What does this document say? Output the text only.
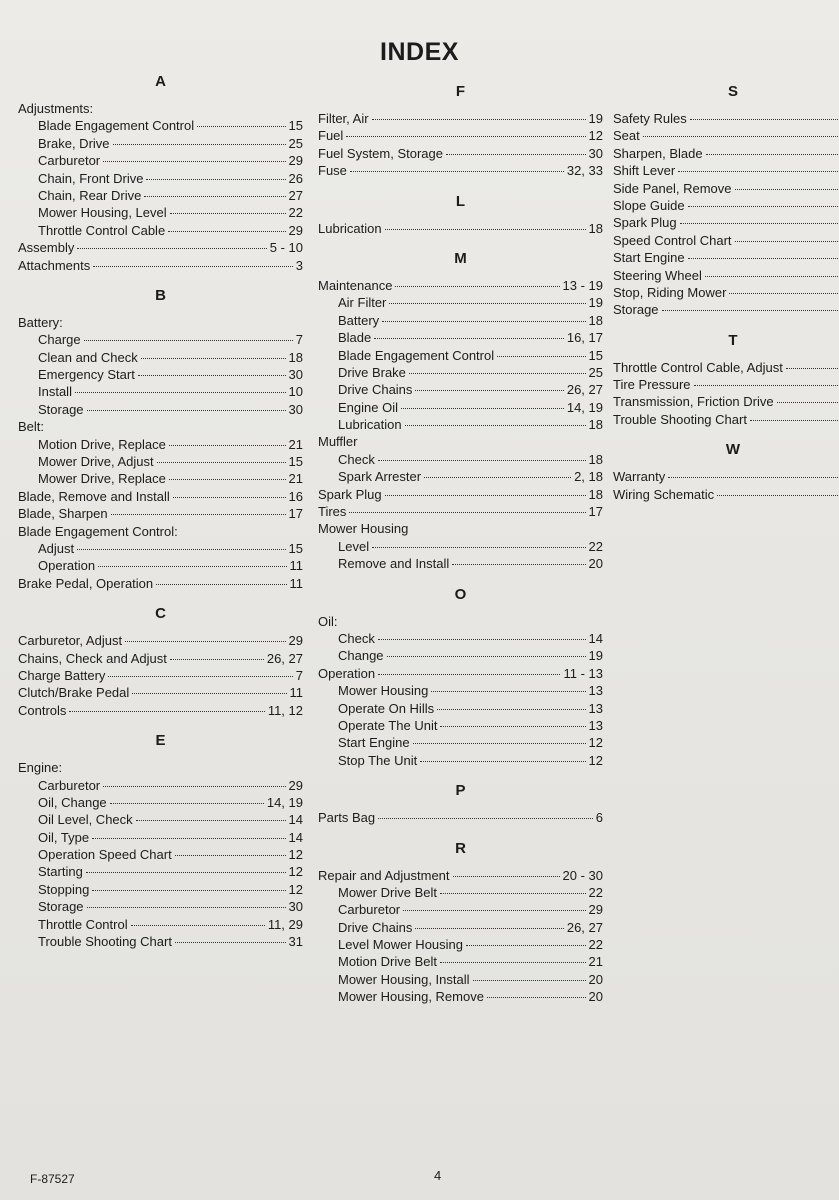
INDEX
A
Adjustments:
Blade Engagement Control	15
Brake, Drive	25
Carburetor	29
Chain, Front Drive	26
Chain, Rear Drive	27
Mower Housing, Level	22
Throttle Control Cable	29
Assembly	5 - 10
Attachments	3
B
Battery:
Charge	7
Clean and Check	18
Emergency Start	30
Install	10
Storage	30
Belt:
Motion Drive, Replace	21
Mower Drive, Adjust	15
Mower Drive, Replace	21
Blade, Remove and Install	16
Blade, Sharpen	17
Blade Engagement Control:
Adjust	15
Operation	11
Brake Pedal, Operation	11
C
Carburetor, Adjust	29
Chains, Check and Adjust	26, 27
Charge Battery	7
Clutch/Brake Pedal	11
Controls	11, 12
E
Engine:
Carburetor	29
Oil, Change	14, 19
Oil Level, Check	14
Oil, Type	14
Operation Speed Chart	12
Starting	12
Stopping	12
Storage	30
Throttle Control	11, 29
Trouble Shooting Chart	31
F
Filter, Air	19
Fuel	12
Fuel System, Storage	30
Fuse	32, 33
L
Lubrication	18
M
Maintenance	13 - 19
Air Filter	19
Battery	18
Blade	16, 17
Blade Engagement Control	15
Drive Brake	25
Drive Chains	26, 27
Engine Oil	14, 19
Lubrication	18
Muffler
Check	18
Spark Arrester	2, 18
Spark Plug	18
Tires	17
Mower Housing
Level	22
Remove and Install	20
O
Oil:
Check	14
Change	19
Operation	11 - 13
Mower Housing	13
Operate On Hills	13
Operate The Unit	13
Start Engine	12
Stop The Unit	12
P
Parts Bag	6
R
Repair and Adjustment	20 - 30
Mower Drive Belt	22
Carburetor	29
Drive Chains	26, 27
Level Mower Housing	22
Motion Drive Belt	21
Mower Housing, Install	20
Mower Housing, Remove	20
S
Safety Rules
Seat
Sharpen, Blade
Shift Lever
Side Panel, Remove
Slope Guide
Spark Plug
Speed Control Chart
Start Engine
Steering Wheel
Stop, Riding Mower
Storage
T
Throttle Control Cable, Adjust
Tire Pressure
Transmission, Friction Drive
Trouble Shooting Chart
W
Warranty
Wiring Schematic
F-87527	4
